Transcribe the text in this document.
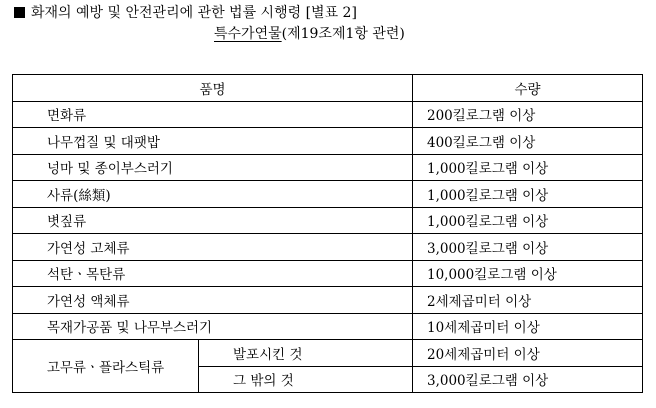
화재의 예방 및 안전관리에 관한 법률 시행령 [별표 2]
특수가연물(제19조제1항 관련)
품명		수량
면화류		200킬로그램 이상
나무껍질 및 대팻밥		400킬로그램 이상
넝마 및 종이부스러기		1,000킬로그램 이상
사류(絲類)		1,000킬로그램 이상
볏짚류		1,000킬로그램 이상
가연성 고체류		3,000킬로그램 이상
석탄ㆍ목탄류		10,000킬로그램 이상
가연성 액체류		2세제곱미터 이상
목재가공품 및 나무부스러기		10세제곱미터 이상
고무류ㆍ플라스틱류	발포시킨 것	20세제곱미터 이상
	그 밖의 것	3,000킬로그램 이상
